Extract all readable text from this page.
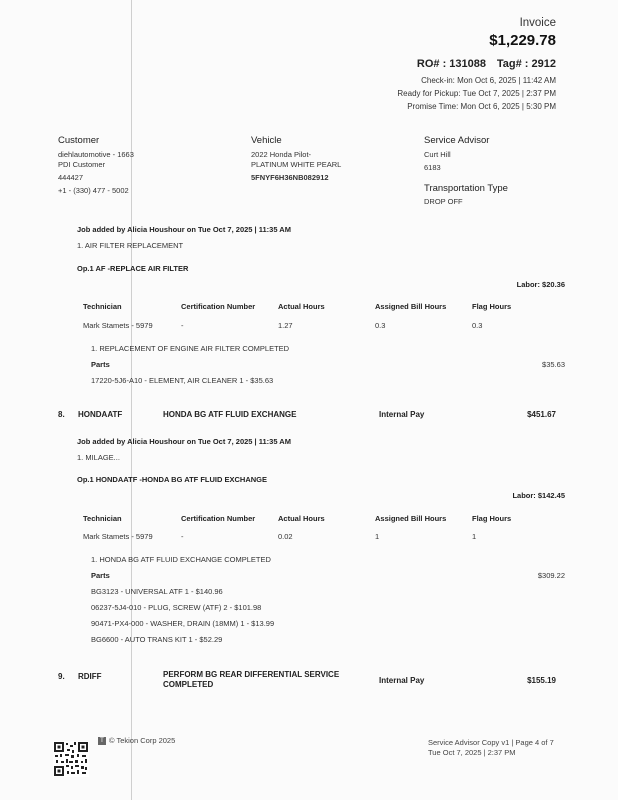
Invoice
$1,229.78
RO# : 131088 Tag# : 2912
Check-in: Mon Oct 6, 2025 | 11:42 AM
Ready for Pickup: Tue Oct 7, 2025 | 2:37 PM
Promise Time: Mon Oct 6, 2025 | 5:30 PM
Customer
diehlautomotive - 1663
PDI Customer
444427
+1 - (330) 477 - 5002
Vehicle
2022 Honda Pilot-
PLATINUM WHITE PEARL
5FNYF6H36NB082912
Service Advisor
Curt Hill
6183
Transportation Type
DROP OFF
Job added by Alicia Houshour on Tue Oct 7, 2025 | 11:35 AM
1. AIR FILTER REPLACEMENT
Op.1 AF -REPLACE AIR FILTER
Labor: $20.36
Technician	Certification Number	Actual Hours	Assigned Bill Hours	Flag Hours
Mark Stamets - 5979	-	1.27	0.3	0.3
1. REPLACEMENT OF ENGINE AIR FILTER COMPLETED
Parts	$35.63
17220-5J6-A10 - ELEMENT, AIR CLEANER 1 - $35.63
8. HONDAATF	HONDA BG ATF FLUID EXCHANGE	Internal Pay	$451.67
Job added by Alicia Houshour on Tue Oct 7, 2025 | 11:35 AM
1. MILAGE...
Op.1 HONDAATF -HONDA BG ATF FLUID EXCHANGE
Labor: $142.45
Technician	Certification Number	Actual Hours	Assigned Bill Hours	Flag Hours
Mark Stamets - 5979	-	0.02	1	1
1. HONDA BG ATF FLUID EXCHANGE COMPLETED
Parts	$309.22
BG3123 - UNIVERSAL ATF 1 - $140.96
06237-5J4-010 - PLUG, SCREW (ATF) 2 - $101.98
90471-PX4-000 - WASHER, DRAIN (18MM) 1 - $13.99
BG6600 - AUTO TRANS KIT 1 - $52.29
9. RDIFF	PERFORM BG REAR DIFFERENTIAL SERVICE COMPLETED	Internal Pay	$155.19
T © Tekion Corp 2025	Service Advisor Copy v1 | Page 4 of 7
Tue Oct 7, 2025 | 2:37 PM
